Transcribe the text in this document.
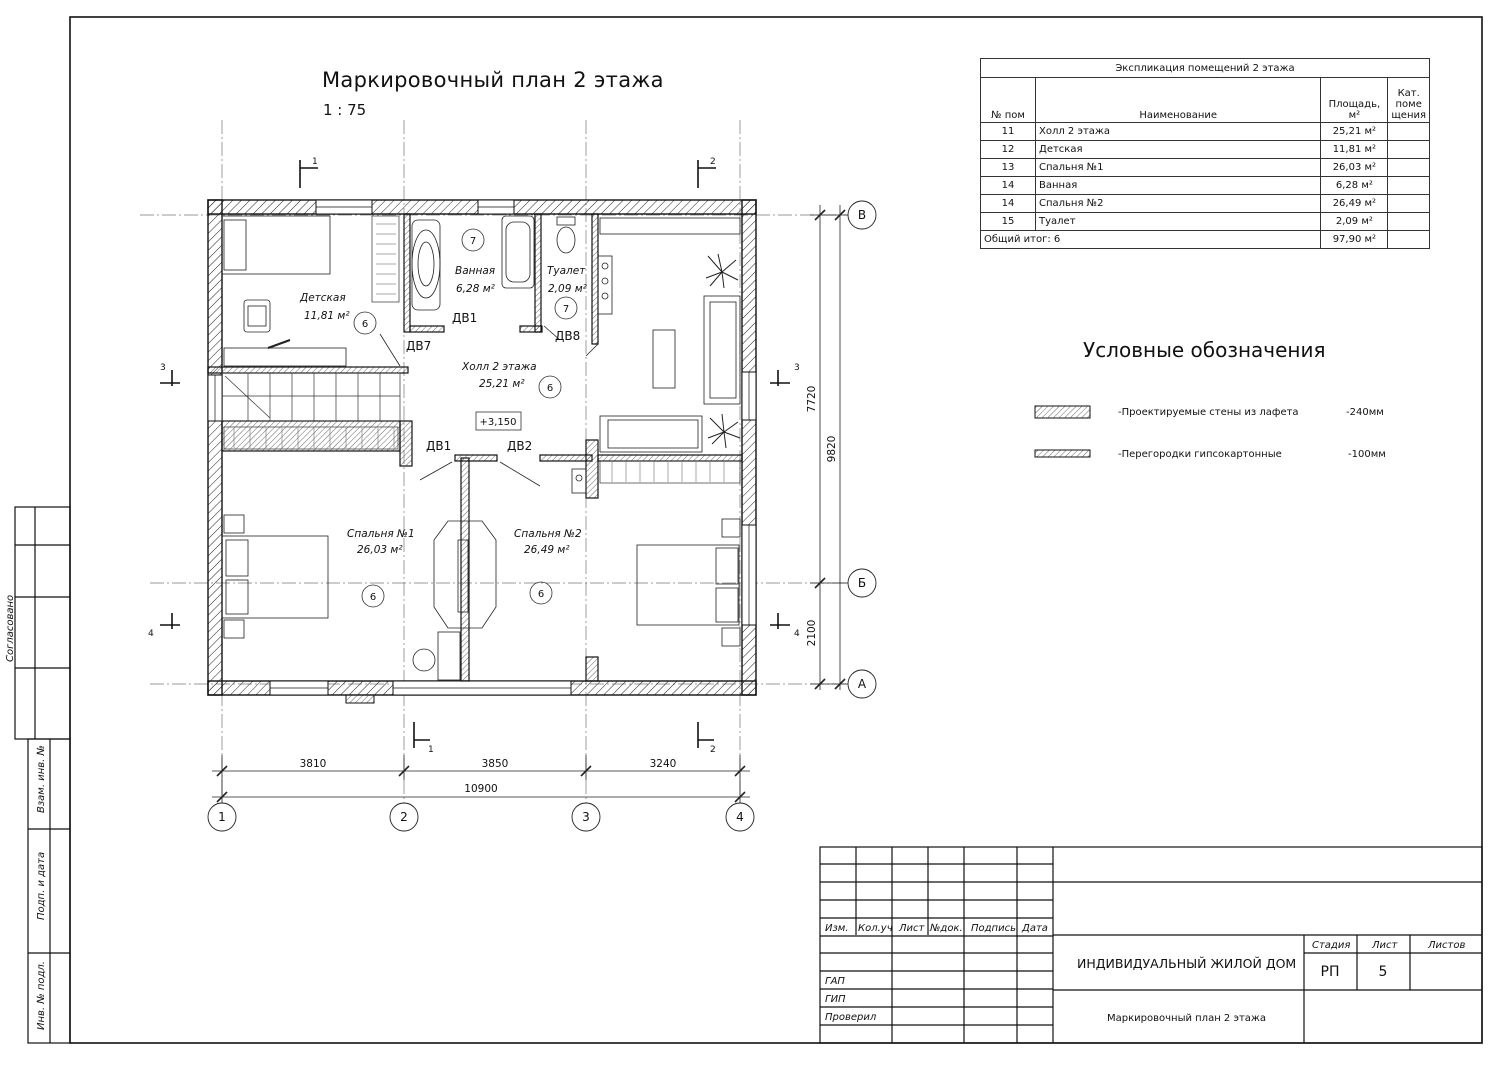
Детская
11,81 м²
Ванная
6,28 м²
Туалет
2,09 м²
Холл 2 этажа
25,21 м²
Спальня №1
26,03 м²
Спальня №2
26,49 м²
6
7
7
6
6	6
+3,150
ДВ1
ДВ7
ДВ8
ДВ1	ДВ2
3810	3850	3240
10900
9820
7720
2100
1	2	3	4
В
Б
А
1
1
2
2
3	3
4	4
-Проектируемые стены из лафета	-240мм
-Перегородки гипсокартонные	-100мм
Изм. Кол.уч Лист №док. Подпись Дата
ГАП
ГИП
Проверил
Стадия Лист	Листов
ИНДИВИДУАЛЬНЫЙ ЖИЛОЙ ДОМ
Маркировочный план 2 этажа
РП	5
Согласовано
Взам. инв. №
Подп. и дата
Инв. № подл.
Маркировочный план 2 этажа
1 : 75
Условные обозначения
Экспликация помещений 2 этажа			
№ пом	Наименование	Площадь, м²	Кат. поме щения
11	Холл 2 этажа	25,21 м²	
12	Детская	11,81 м²	
13	Спальня №1	26,03 м²	
14	Ванная	6,28 м²	
14	Спальня №2	26,49 м²	
15	Туалет	2,09 м²	
Общий итог: 6		97,90 м²	
